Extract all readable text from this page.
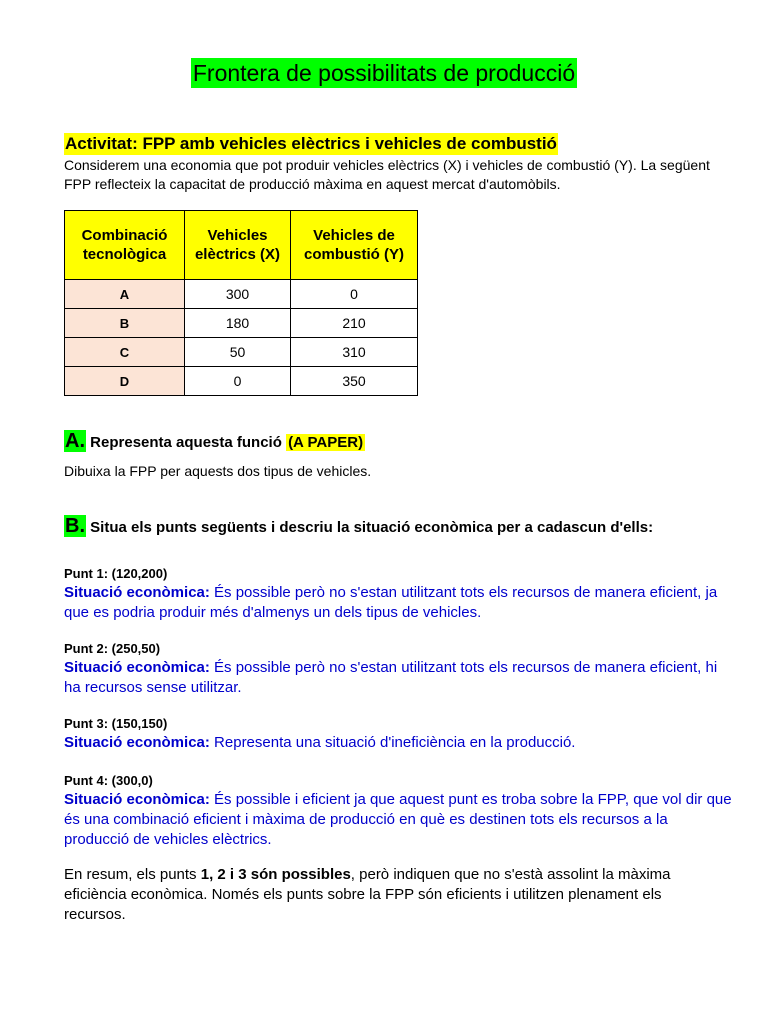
Frontera de possibilitats de producció
Activitat: FPP amb vehicles elèctrics i vehicles de combustió
Considerem una economia que pot produir vehicles elèctrics (X) i vehicles de combustió (Y). La següent FPP reflecteix la capacitat de producció màxima en aquest mercat d'automòbils.
Combinació tecnològica	Vehicles elèctrics (X)	Vehicles de combustió (Y)
A	300	0
B	180	210
C	50	310
D	0	350
A. Representa aquesta funció (A PAPER)
Dibuixa la FPP per aquests dos tipus de vehicles.
B. Situa els punts següents i descriu la situació econòmica per a cadascun d'ells:
Punt 1: (120,200)
Situació econòmica: És possible però no s'estan utilitzant tots els recursos de manera eficient, ja que es podria produir més d'almenys un dels tipus de vehicles.
Punt 2: (250,50)
Situació econòmica: És possible però no s'estan utilitzant tots els recursos de manera eficient, hi ha recursos sense utilitzar.
Punt 3: (150,150)
Situació econòmica: Representa una situació d'ineficiència en la producció.
Punt 4: (300,0)
Situació econòmica: És possible i eficient ja que aquest punt es troba sobre la FPP, que vol dir que és una combinació eficient i màxima de producció en què es destinen tots els recursos a la producció de vehicles elèctrics.
En resum, els punts 1, 2 i 3 són possibles, però indiquen que no s'està assolint la màxima eficiència econòmica. Només els punts sobre la FPP són eficients i utilitzen plenament els recursos.
